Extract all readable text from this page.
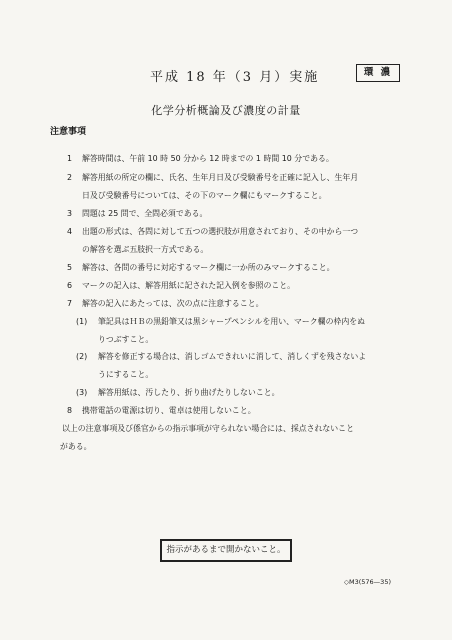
平成 18 年（3 月）実施	環 濃
化学分析概論及び濃度の計量
注意事項
1 解答時間は、午前 10 時 50 分から 12 時までの 1 時間 10 分である。
2 解答用紙の所定の欄に、氏名、生年月日及び受験番号を正確に記入し、生年月
日及び受験番号については、その下のマーク欄にもマークすること。
3 問題は 25 問で、全問必須である。
4 出題の形式は、各問に対して五つの選択肢が用意されており、その中から一つ
の解答を選ぶ五肢択一方式である。
5 解答は、各問の番号に対応するマーク欄に一か所のみマークすること。
6 マークの記入は、解答用紙に記された記入例を参照のこと。
7 解答の記入にあたっては、次の点に注意すること。
(1) 筆記具はＨＢの黒鉛筆又は黒シャープペンシルを用い、マーク欄の枠内をぬ
りつぶすこと。
(2) 解答を修正する場合は、消しゴムできれいに消して、消しくずを残さないよ
うにすること。
(3) 解答用紙は、汚したり、折り曲げたりしないこと。
8 携帯電話の電源は切り、電卓は使用しないこと。
以上の注意事項及び係官からの指示事項が守られない場合には、採点されないこと
がある。
指示があるまで開かないこと。
◇M3(576—35)
